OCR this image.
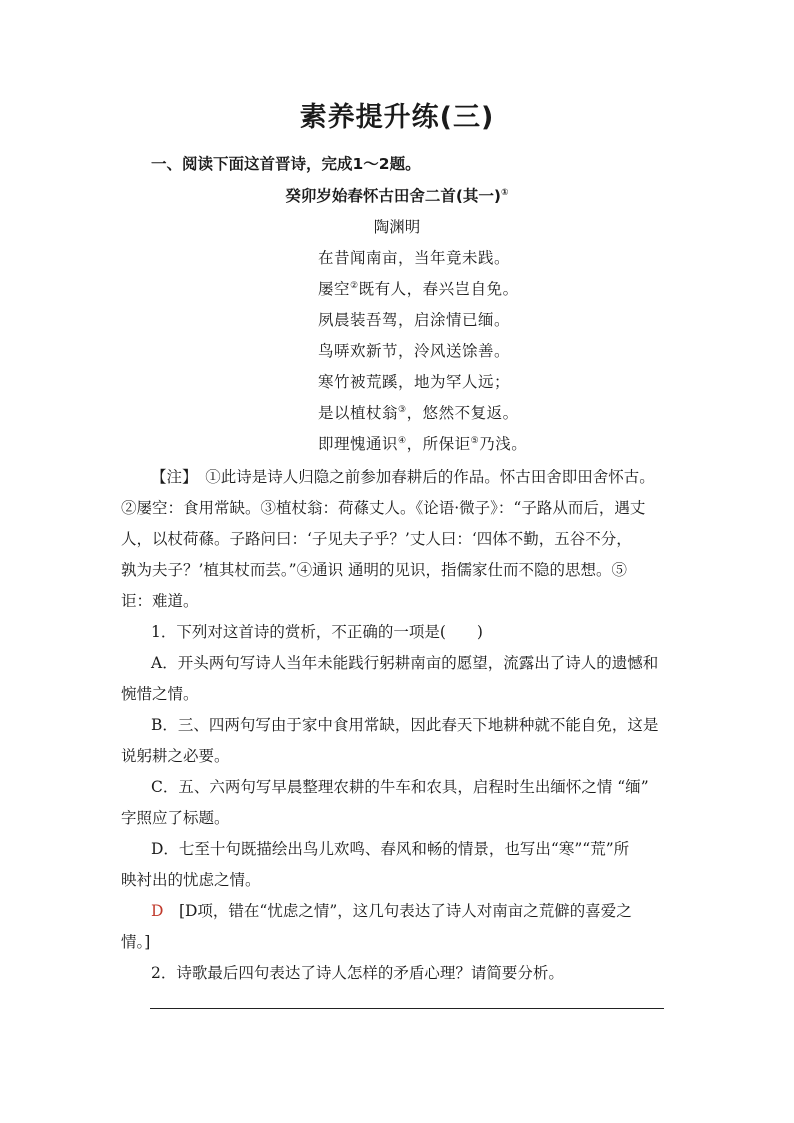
素养提升练(三)
一、阅读下面这首晋诗，完成1～2题。
癸卯岁始春怀古田舍二首(其一)①
陶渊明
在昔闻南亩，当年竟未践。
屡空②既有人，春兴岂自免。
夙晨装吾驾，启涂情已缅。
鸟哢欢新节，泠风送馀善。
寒竹被荒蹊，地为罕人远；
是以植杖翁③，悠然不复返。
即理愧通识④，所保讵⑤乃浅。
【注】　①此诗是诗人归隐之前参加春耕后的作品。怀古田舍即田舍怀古。
②屡空：食用常缺。③植杖翁：荷蓧丈人。《论语·微子》：“子路从而后，遇丈
人，以杖荷蓧。子路问曰：‘子见夫子乎？’丈人曰：‘四体不勤，五谷不分，
孰为夫子？’植其杖而芸。”④通识 通明的见识，指儒家仕而不隐的思想。⑤
讵：难道。
1．下列对这首诗的赏析，不正确的一项是(　　)
A．开头两句写诗人当年未能践行躬耕南亩的愿望，流露出了诗人的遗憾和
惋惜之情。
B．三、四两句写由于家中食用常缺，因此春天下地耕种就不能自免，这是
说躬耕之必要。
C．五、六两句写早晨整理农耕的牛车和农具，启程时生出缅怀之情 “缅”
字照应了标题。
D．七至十句既描绘出鸟儿欢鸣、春风和畅的情景，也写出“寒”“荒”所
映衬出的忧虑之情。
D　 [D项，错在“忧虑之情”，这几句表达了诗人对南亩之荒僻的喜爱之
情。]
2．诗歌最后四句表达了诗人怎样的矛盾心理？请简要分析。
